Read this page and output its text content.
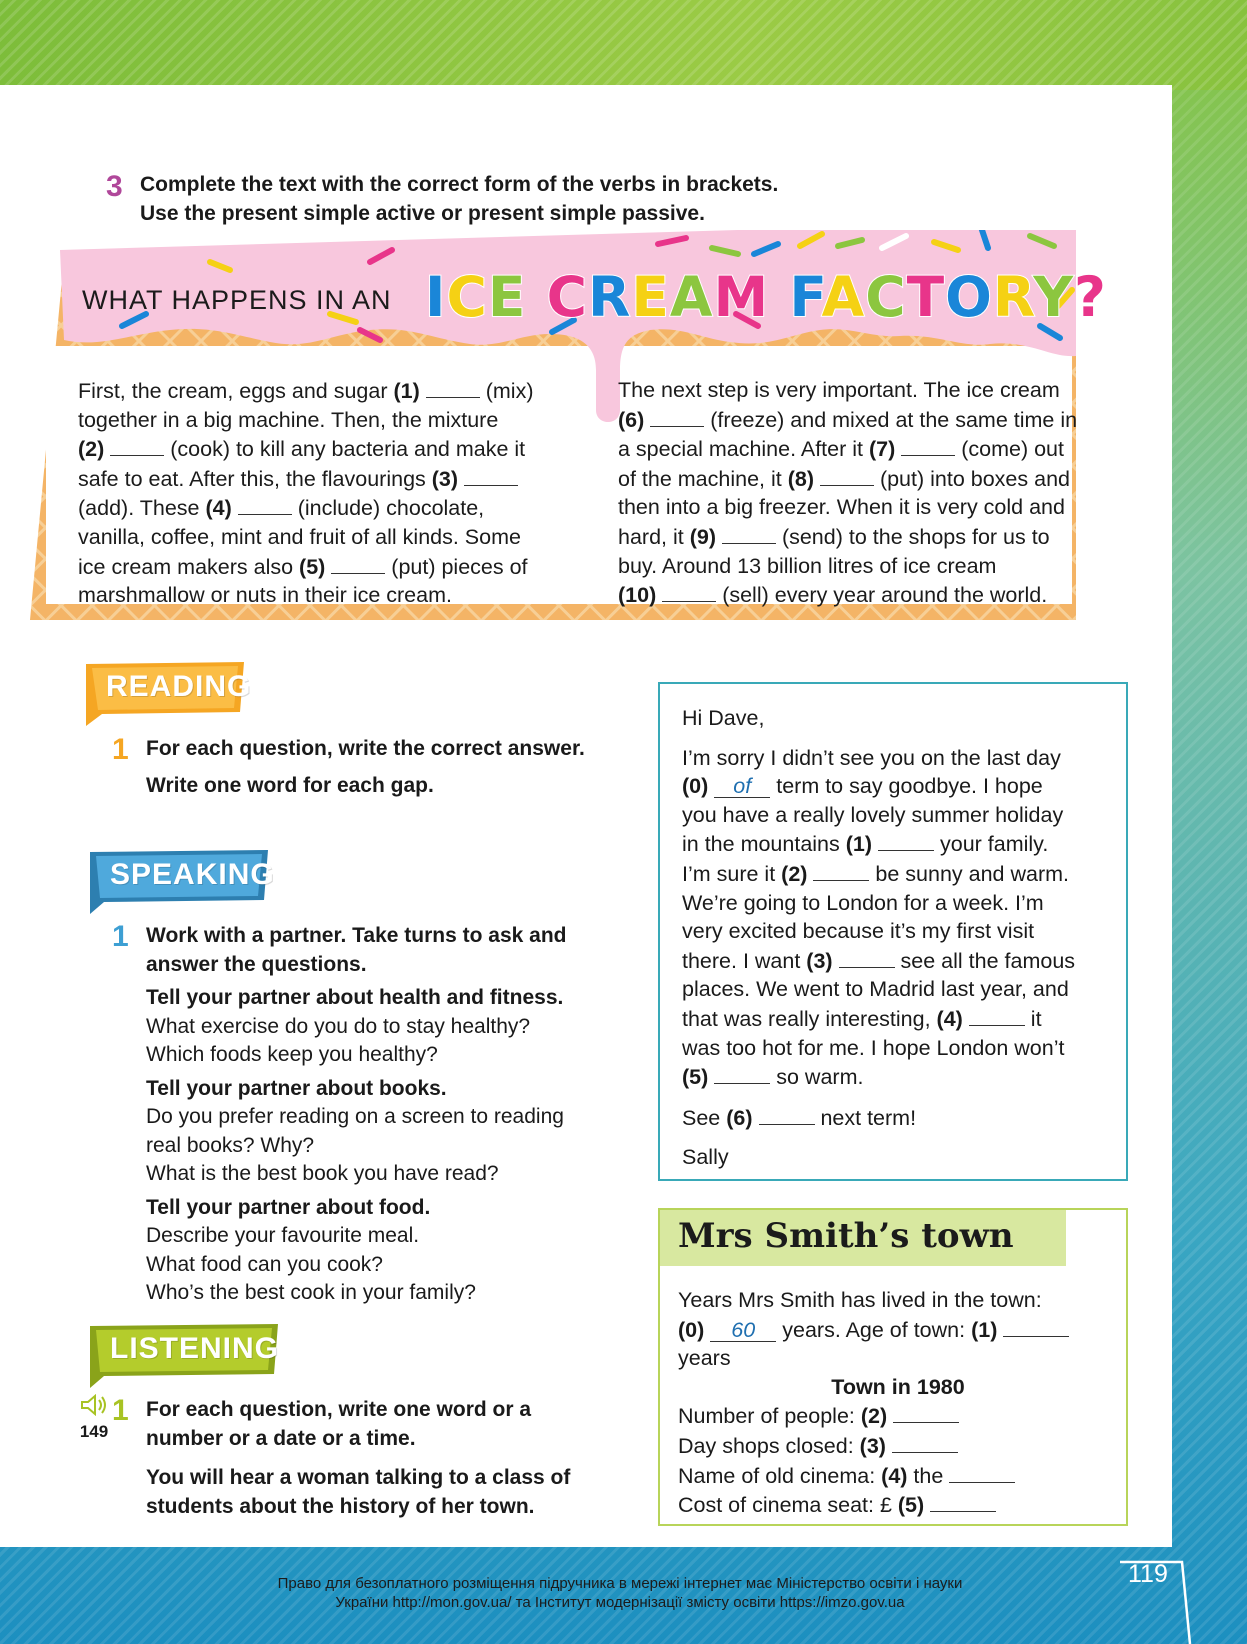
3 Complete the text with the correct form of the verbs in brackets.
Use the present simple active or present simple passive.
WHAT HAPPENS IN AN ICE CREAM FACTORY?

First, the cream, eggs and sugar (1)	(mix)

together in a big machine. Then, the mixture

(2)	(cook) to kill any bacteria and make it

safe to eat. After this, the flavourings (3)

(add). These (4)	(include) chocolate,

vanilla, coffee, mint and fruit of all kinds. Some

ice cream makers also (5)	(put) pieces of

marshmallow or nuts in their ice cream.

The next step is very important. The ice cream

(6)	(freeze) and mixed at the same time in

a special machine. After it (7)	(come) out

of the machine, it (8)	(put) into boxes and

then into a big freezer. When it is very cold and

hard, it (9)	(send) to the shops for us to

buy. Around 13 billion litres of ice cream

(10)	(sell) every year around the world.

READING
1 For each question, write the correct answer.
Write one word for each gap.
SPEAKING
1 Work with a partner. Take turns to ask and
answer the questions.
Tell your partner about health and fitness.
What exercise do you do to stay healthy?
Which foods keep you healthy?
Tell your partner about books.
Do you prefer reading on a screen to reading
real books? Why?
What is the best book you have read?
Tell your partner about food.
Describe your favourite meal.
What food can you cook?
Who’s the best cook in your family?
LISTENING
149
1 For each question, write one word or a
number or a date or a time.
You will hear a woman talking to a class of
students about the history of her town.

Hi Dave,

I’m sorry I didn’t see you on the last day

(0) of term to say goodbye. I hope

you have a really lovely summer holiday

in the mountains (1)	your family.

I’m sure it (2)	be sunny and warm.

We’re going to London for a week. I’m

very excited because it’s my first visit

there. I want (3)	see all the famous

places. We went to Madrid last year, and

that was really interesting, (4)	it

was too hot for me. I hope London won’t

(5)	so warm.

See (6)	next term!

Sally

Mrs Smith’s town

Years Mrs Smith has lived in the town:

(0) 60 years. Age of town: (1)

years

Town in 1980

Number of people: (2)

Day shops closed: (3)

Name of old cinema: (4) the

Cost of cinema seat: £ (5)

Право для безоплатного розміщення підручника в мережі інтернет має Міністерство освіти і науки
України http://mon.gov.ua/ та Інститут модернізації змісту освіти https://imzo.gov.ua
119
